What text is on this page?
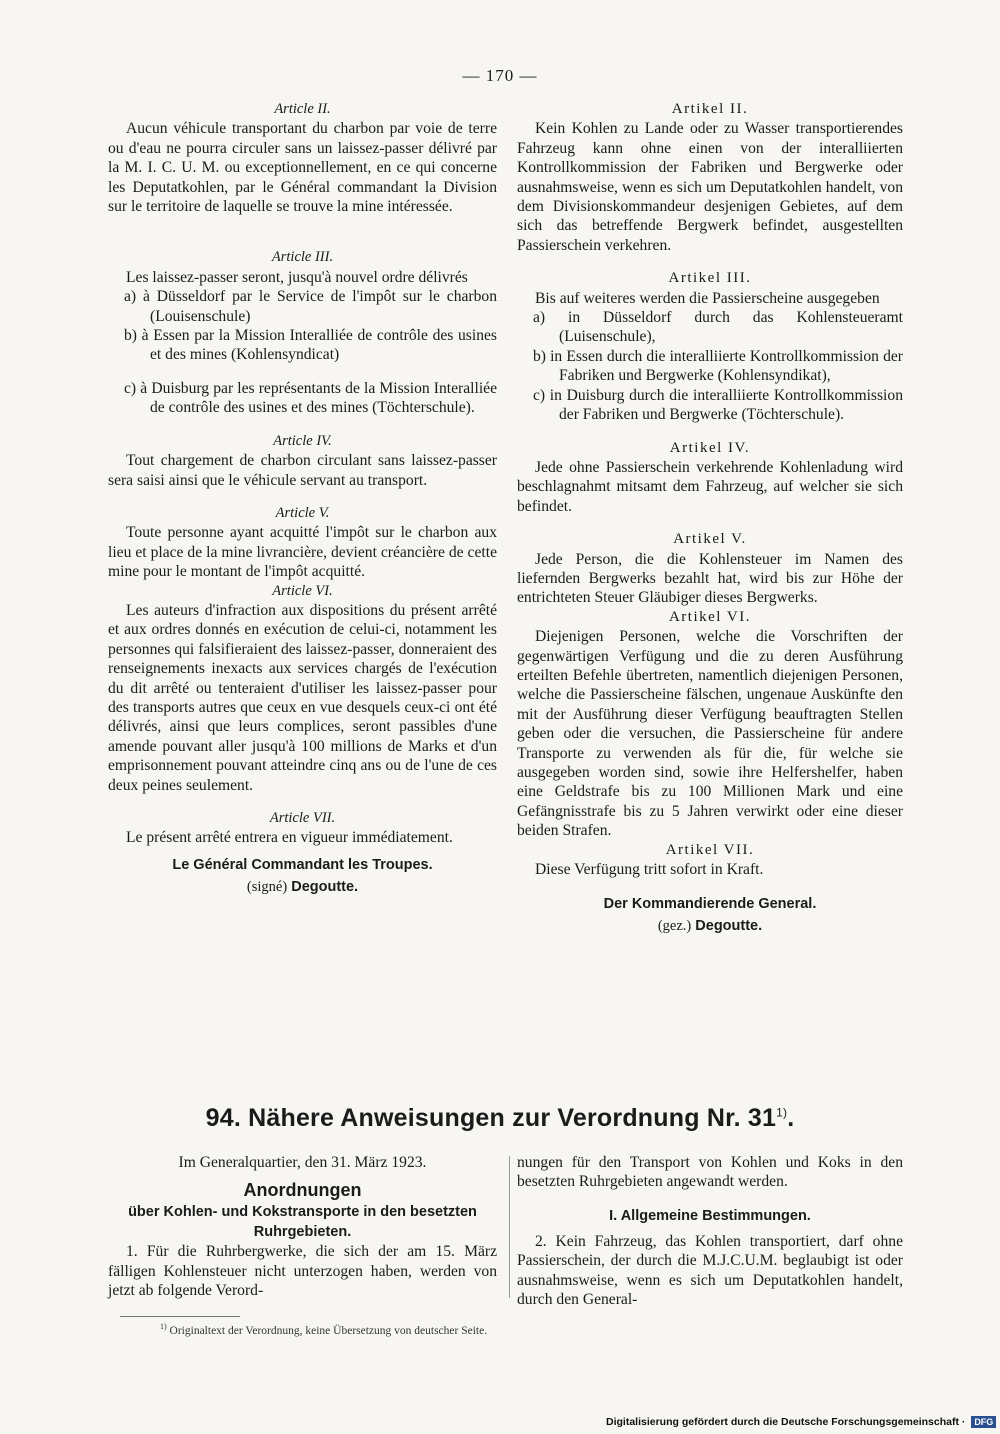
— 170 —

Article II.

Aucun véhicule transportant du charbon par voie de terre ou d'eau ne pourra circuler sans un laissez-passer délivré par la M. I. C. U. M. ou exceptionnellement, en ce qui concerne les Deputatkohlen, par le Général commandant la Division sur le territoire de laquelle se trouve la mine intéressée.

Article III.

Les laissez-passer seront, jusqu'à nouvel ordre délivrés

a) à Düsseldorf par le Service de l'impôt sur le charbon (Louisenschule)

b) à Essen par la Mission Interalliée de contrôle des usines et des mines (Kohlensyndicat)

c) à Duisburg par les représentants de la Mission Interalliée de contrôle des usines et des mines (Töchterschule).

Article IV.

Tout chargement de charbon circulant sans laissez-passer sera saisi ainsi que le véhicule servant au transport.

Article V.

Toute personne ayant acquitté l'impôt sur le charbon aux lieu et place de la mine livrancière, devient créancière de cette mine pour le montant de l'impôt acquitté.

Article VI.

Les auteurs d'infraction aux dispositions du présent arrêté et aux ordres donnés en exécution de celui-ci, notamment les personnes qui falsifieraient des laissez-passer, donneraient des renseignements inexacts aux services chargés de l'exécution du dit arrêté ou tenteraient d'utiliser les laissez-passer pour des transports autres que ceux en vue desquels ceux-ci ont été délivrés, ainsi que leurs complices, seront passibles d'une amende pouvant aller jusqu'à 100 millions de Marks et d'un emprisonnement pouvant atteindre cinq ans ou de l'une de ces deux peines seulement.

Article VII.

Le présent arrêté entrera en vigueur immédiatement.

Le Général Commandant les Troupes.
(signé) Degoutte.

Artikel II.

Kein Kohlen zu Lande oder zu Wasser transportierendes Fahrzeug kann ohne einen von der interalliierten Kontrollkommission der Fabriken und Bergwerke oder ausnahmsweise, wenn es sich um Deputatkohlen handelt, von dem Divisionskommandeur desjenigen Gebietes, auf dem sich das betreffende Bergwerk befindet, ausgestellten Passierschein verkehren.

Artikel III.

Bis auf weiteres werden die Passierscheine ausgegeben

a) in Düsseldorf durch das Kohlensteueramt (Luisenschule),

b) in Essen durch die interalliierte Kontrollkommission der Fabriken und Bergwerke (Kohlensyndikat),

c) in Duisburg durch die interalliierte Kontrollkommission der Fabriken und Bergwerke (Töchterschule).

Artikel IV.

Jede ohne Passierschein verkehrende Kohlenladung wird beschlagnahmt mitsamt dem Fahrzeug, auf welcher sie sich befindet.

Artikel V.

Jede Person, die die Kohlensteuer im Namen des liefernden Bergwerks bezahlt hat, wird bis zur Höhe der entrichteten Steuer Gläubiger dieses Bergwerks.

Artikel VI.

Diejenigen Personen, welche die Vorschriften der gegenwärtigen Verfügung und die zu deren Ausführung erteilten Befehle übertreten, namentlich diejenigen Personen, welche die Passierscheine fälschen, ungenaue Auskünfte den mit der Ausführung dieser Verfügung beauftragten Stellen geben oder die versuchen, die Passierscheine für andere Transporte zu verwenden als für die, für welche sie ausgegeben worden sind, sowie ihre Helfershelfer, haben eine Geldstrafe bis zu 100 Millionen Mark und eine Gefängnisstrafe bis zu 5 Jahren verwirkt oder eine dieser beiden Strafen.

Artikel VII.

Diese Verfügung tritt sofort in Kraft.

Der Kommandierende General.
(gez.) Degoutte.
94. Nähere Anweisungen zur Verordnung Nr. 31$^{1)}$.

Im Generalquartier, den 31. März 1923.

Anordnungen

über Kohlen- und Kokstransporte in den besetzten Ruhrgebieten.

1. Für die Ruhrbergwerke, die sich der am 15. März fälligen Kohlensteuer nicht unterzogen haben, werden von jetzt ab folgende Verord-

nungen für den Transport von Kohlen und Koks in den besetzten Ruhrgebieten angewandt werden.

I. Allgemeine Bestimmungen.

2. Kein Fahrzeug, das Kohlen transportiert, darf ohne Passierschein, der durch die M.J.C.U.M. beglaubigt ist oder ausnahmsweise, wenn es sich um Deputatkohlen handelt, durch den General-

$^{1)}$ Originaltext der Verordnung, keine Übersetzung von deutscher Seite.
Digitalisierung gefördert durch die Deutsche Forschungsgemeinschaft · DFG
